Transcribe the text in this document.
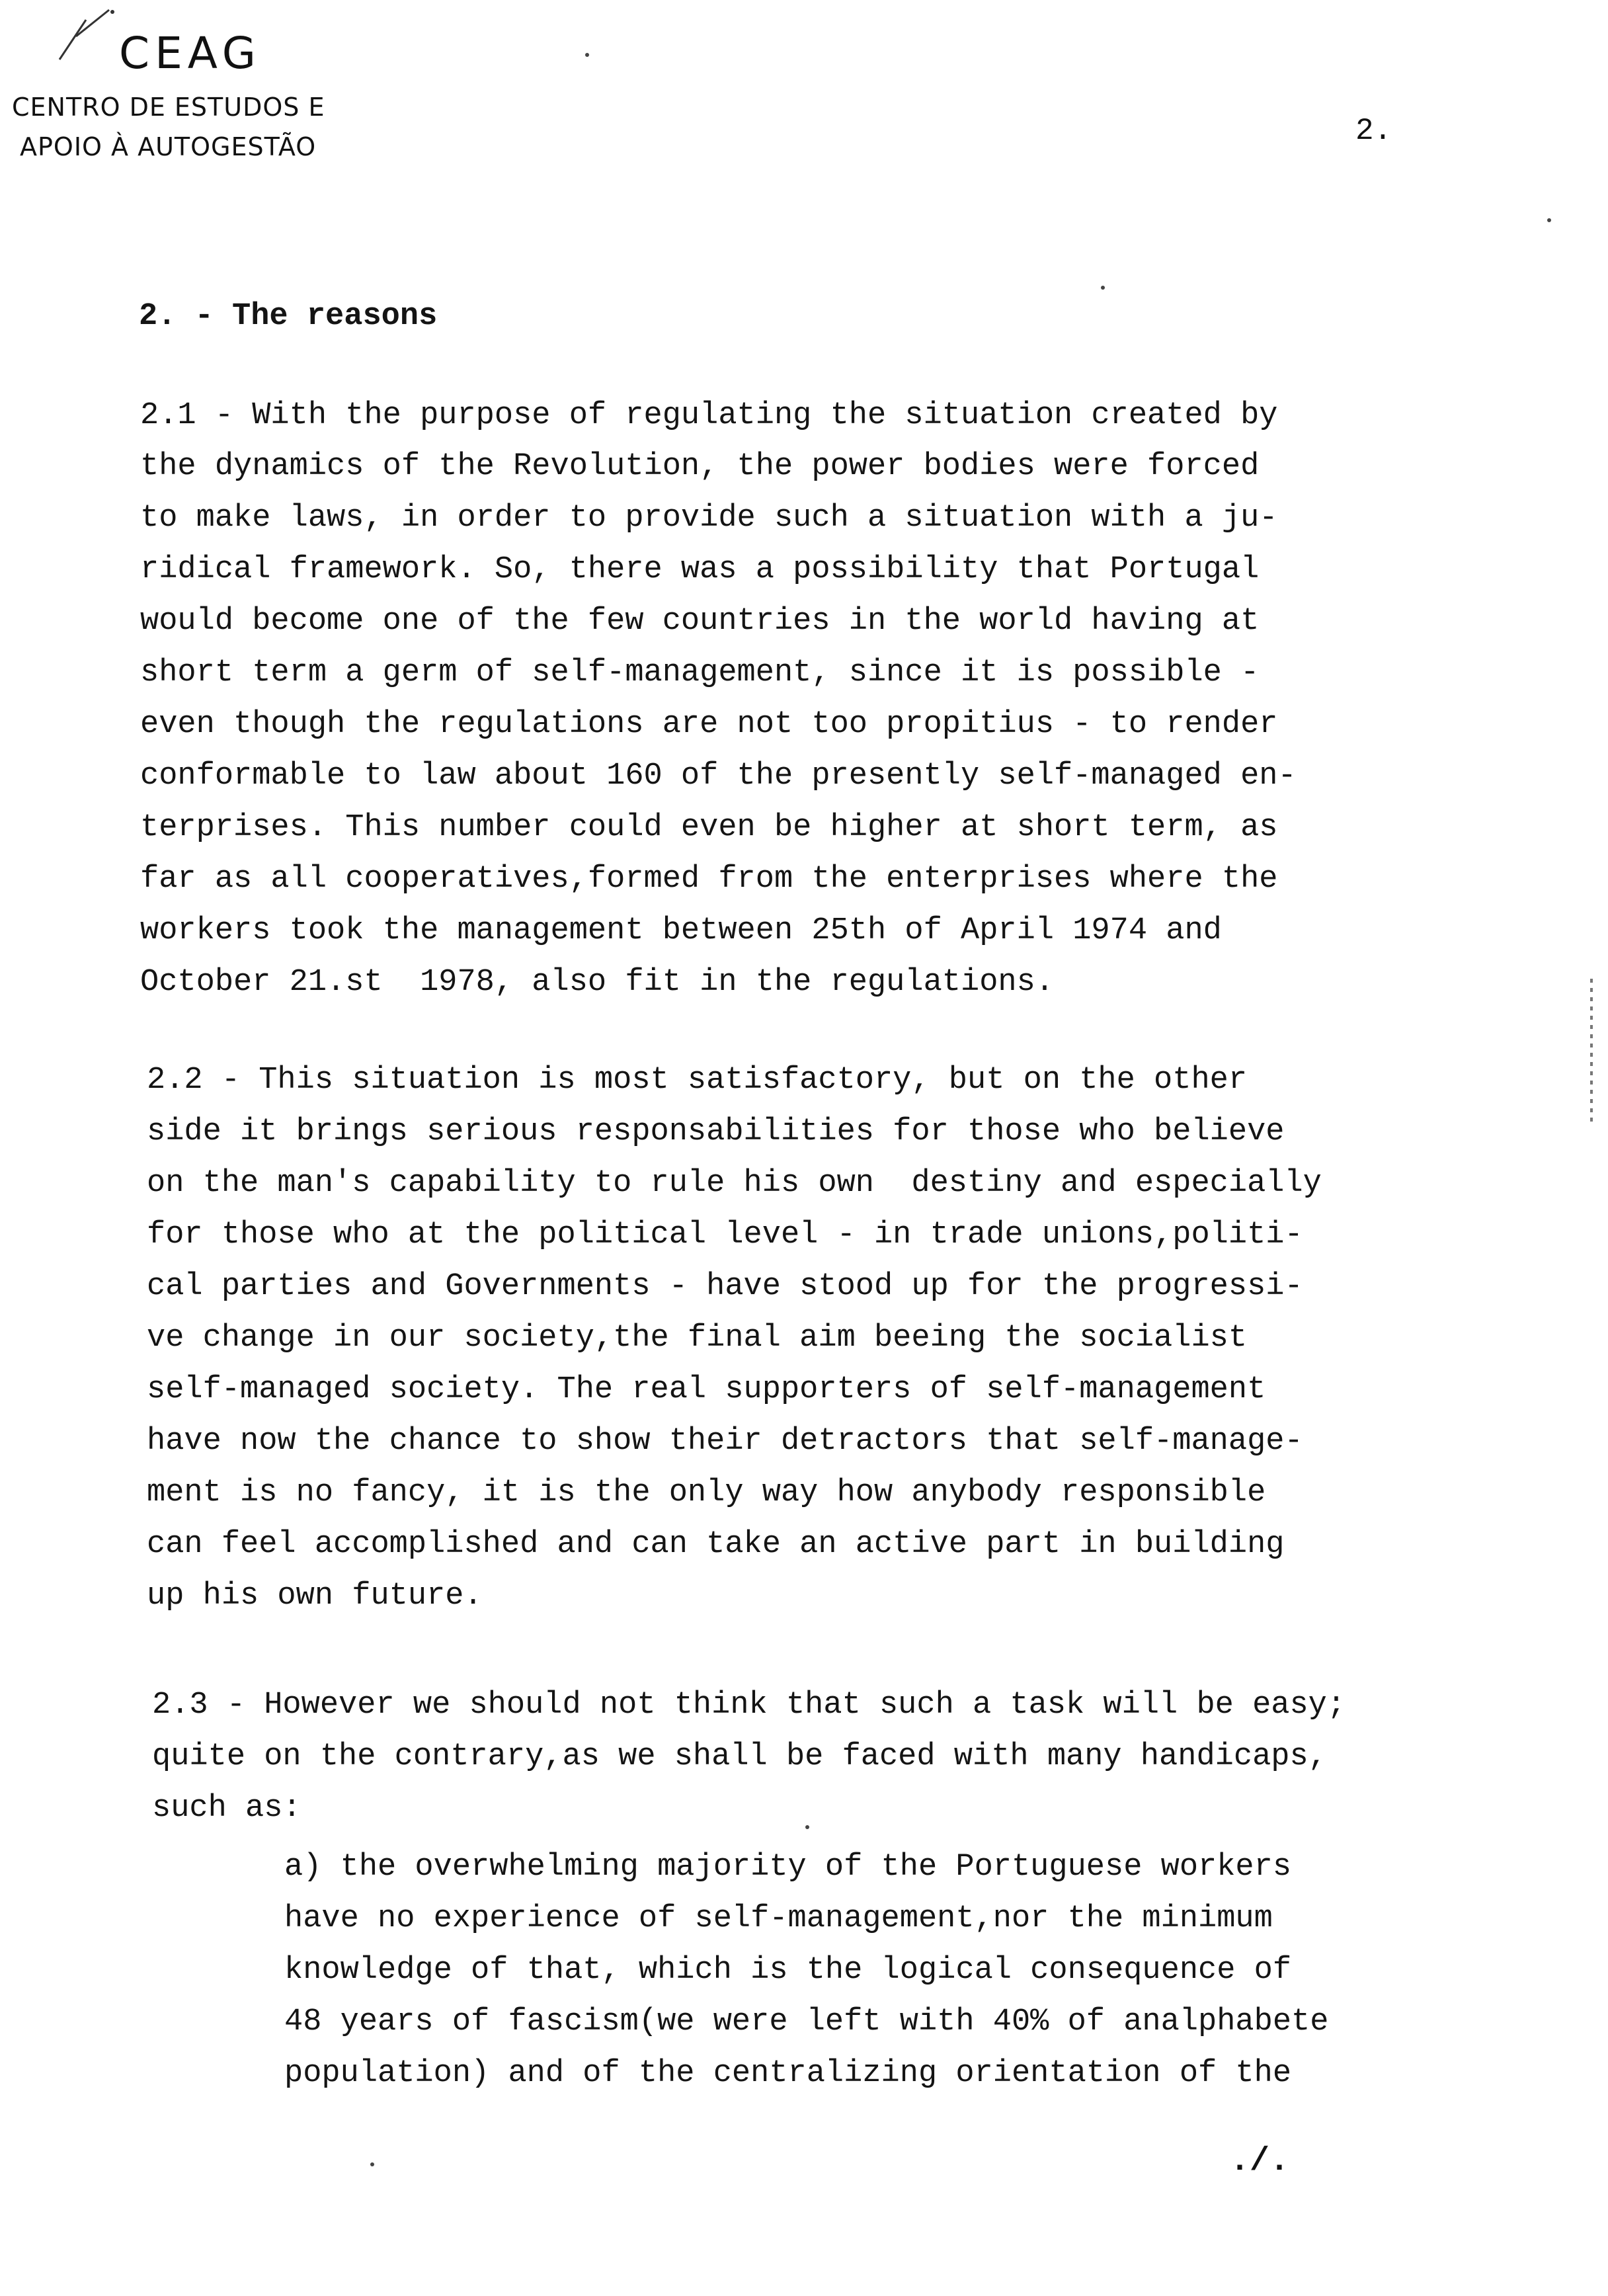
CEAG
CENTRO DE ESTUDOS E
APOIO À AUTOGESTÃO	2.
2. - The reasons
2.1 - With the purpose of regulating the situation created by
the dynamics of the Revolution, the power bodies were forced
to make laws, in order to provide such a situation with a ju-
ridical framework. So, there was a possibility that Portugal
would become one of the few countries in the world having at
short term a germ of self-management, since it is possible -
even though the regulations are not too propitius - to render
conformable to law about 160 of the presently self-managed en-
terprises. This number could even be higher at short term, as
far as all cooperatives,formed from the enterprises where the
workers took the management between 25th of April 1974 and
October 21.st  1978, also fit in the regulations.
2.2 - This situation is most satisfactory, but on the other
side it brings serious responsabilities for those who believe
on the man's capability to rule his own  destiny and especially
for those who at the political level - in trade unions,politi-
cal parties and Governments - have stood up for the progressi-
ve change in our society,the final aim beeing the socialist
self-managed society. The real supporters of self-management
have now the chance to show their detractors that self-manage-
ment is no fancy, it is the only way how anybody responsible
can feel accomplished and can take an active part in building
up his own future.
2.3 - However we should not think that such a task will be easy;
quite on the contrary,as we shall be faced with many handicaps,
such as:
a) the overwhelming majority of the Portuguese workers
have no experience of self-management,nor the minimum
knowledge of that, which is the logical consequence of
48 years of fascism(we were left with 40% of analphabete
population) and of the centralizing orientation of the
./.
